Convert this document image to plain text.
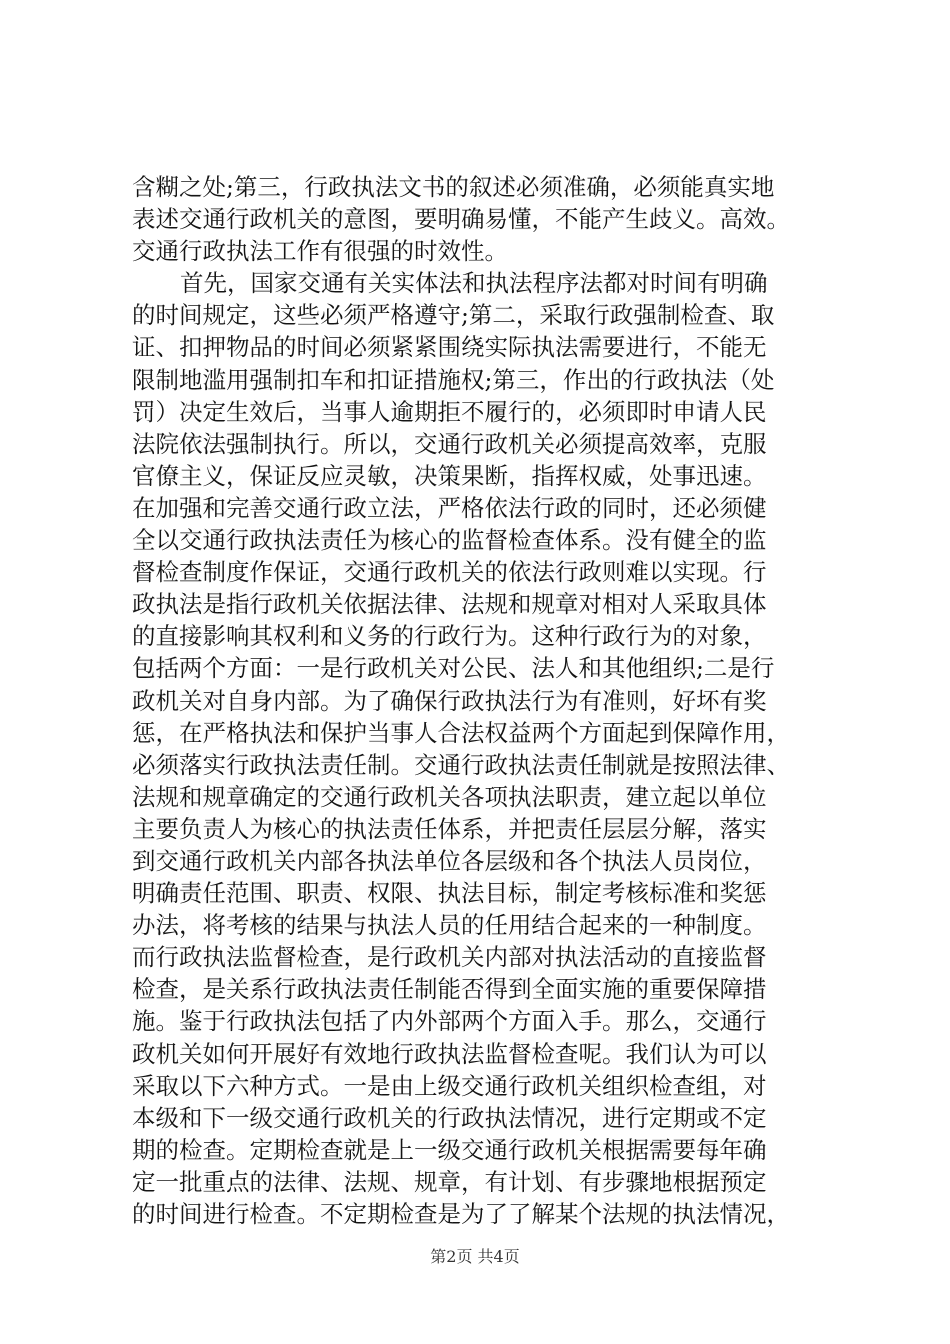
含糊之处;第三，行政执法文书的叙述必须准确，必须能真实地
表述交通行政机关的意图，要明确易懂，不能产生歧义。高效。
交通行政执法工作有很强的时效性。
首先，国家交通有关实体法和执法程序法都对时间有明确
的时间规定，这些必须严格遵守;第二，采取行政强制检查、取
证、扣押物品的时间必须紧紧围绕实际执法需要进行，不能无
限制地滥用强制扣车和扣证措施权;第三，作出的行政执法（处
罚）决定生效后，当事人逾期拒不履行的，必须即时申请人民
法院依法强制执行。所以，交通行政机关必须提高效率，克服
官僚主义，保证反应灵敏，决策果断，指挥权威，处事迅速。
在加强和完善交通行政立法，严格依法行政的同时，还必须健
全以交通行政执法责任为核心的监督检查体系。没有健全的监
督检查制度作保证，交通行政机关的依法行政则难以实现。行
政执法是指行政机关依据法律、法规和规章对相对人采取具体
的直接影响其权利和义务的行政行为。这种行政行为的对象，
包括两个方面：一是行政机关对公民、法人和其他组织;二是行
政机关对自身内部。为了确保行政执法行为有准则，好坏有奖
惩，在严格执法和保护当事人合法权益两个方面起到保障作用，
必须落实行政执法责任制。交通行政执法责任制就是按照法律、
法规和规章确定的交通行政机关各项执法职责，建立起以单位
主要负责人为核心的执法责任体系，并把责任层层分解，落实
到交通行政机关内部各执法单位各层级和各个执法人员岗位，
明确责任范围、职责、权限、执法目标，制定考核标准和奖惩
办法，将考核的结果与执法人员的任用结合起来的一种制度。
而行政执法监督检查，是行政机关内部对执法活动的直接监督
检查，是关系行政执法责任制能否得到全面实施的重要保障措
施。鉴于行政执法包括了内外部两个方面入手。那么，交通行
政机关如何开展好有效地行政执法监督检查呢。我们认为可以
采取以下六种方式。一是由上级交通行政机关组织检查组，对
本级和下一级交通行政机关的行政执法情况，进行定期或不定
期的检查。定期检查就是上一级交通行政机关根据需要每年确
定一批重点的法律、法规、规章，有计划、有步骤地根据预定
的时间进行检查。不定期检查是为了了解某个法规的执法情况，
第2页 共4页
